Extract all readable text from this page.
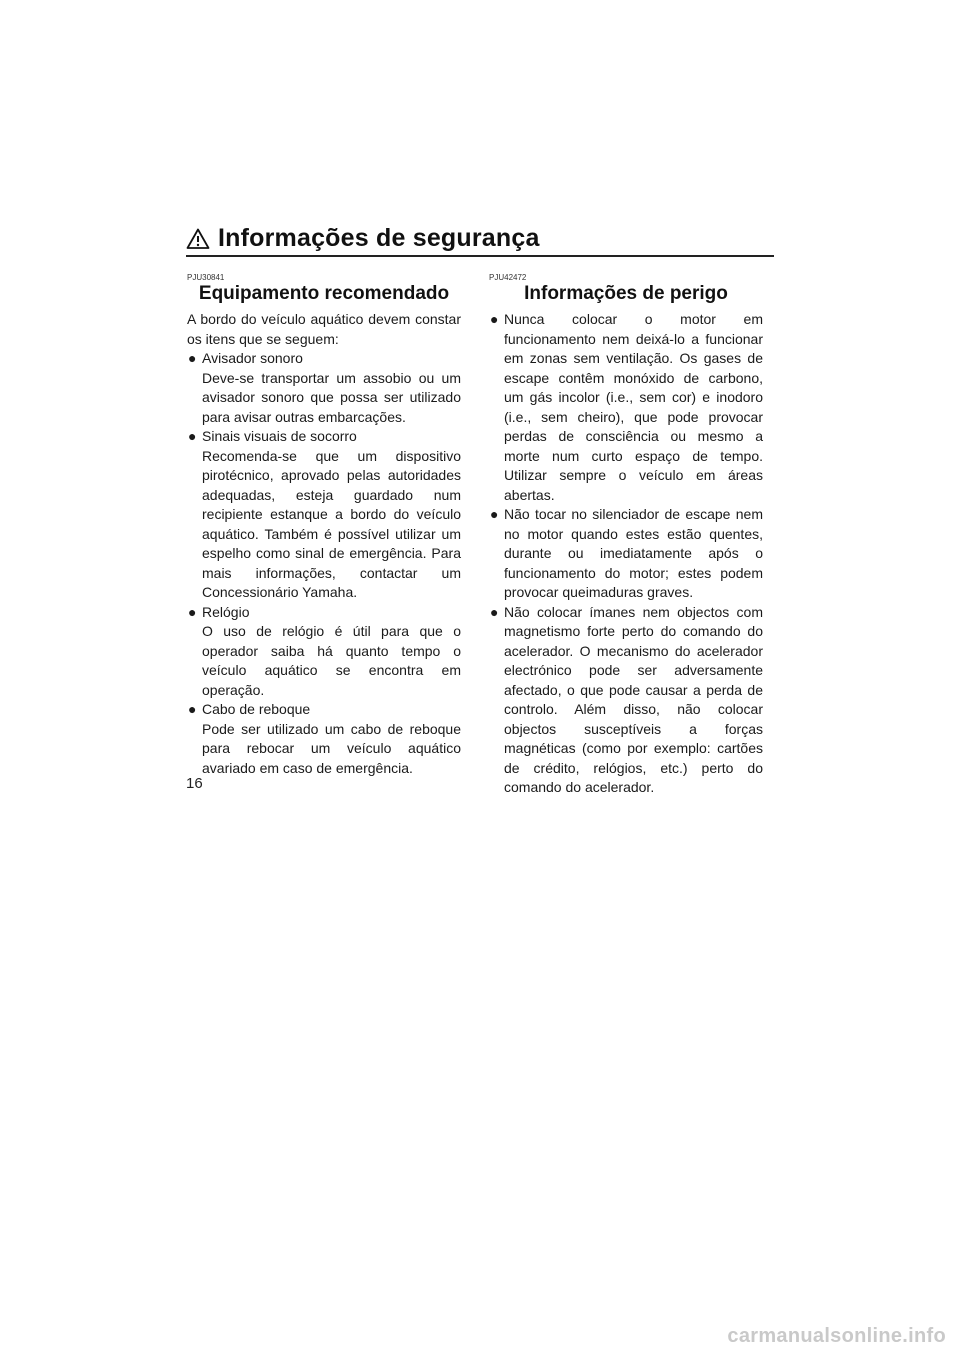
Informações de segurança
PJU30841
Equipamento recomendado

A bordo do veículo aquático devem constar os itens que se seguem:

● Avisador sonoro
Deve-se transportar um assobio ou um avisador sonoro que possa ser utilizado para avisar outras embarcações.
● Sinais visuais de socorro
Recomenda-se que um dispositivo pirotécnico, aprovado pelas autoridades adequadas, esteja guardado num recipiente estanque a bordo do veículo aquático. Também é possível utilizar um espelho como sinal de emergência. Para mais informações, contactar um Concessionário Yamaha.
● Relógio
O uso de relógio é útil para que o operador saiba há quanto tempo o veículo aquático se encontra em operação.
● Cabo de reboque
Pode ser utilizado um cabo de reboque para rebocar um veículo aquático avariado em caso de emergência.
PJU42472
Informações de perigo
● Nunca colocar o motor em funcionamento nem deixá-lo a funcionar em zonas sem ventilação. Os gases de escape contêm monóxido de carbono, um gás incolor (i.e., sem cor) e inodoro (i.e., sem cheiro), que pode provocar perdas de consciência ou mesmo a morte num curto espaço de tempo. Utilizar sempre o veículo em áreas abertas.
● Não tocar no silenciador de escape nem no motor quando estes estão quentes, durante ou imediatamente após o funcionamento do motor; estes podem provocar queimaduras graves.
● Não colocar ímanes nem objectos com magnetismo forte perto do comando do acelerador. O mecanismo do acelerador electrónico pode ser adversamente afectado, o que pode causar a perda de controlo. Além disso, não colocar objectos susceptíveis a forças magnéticas (como por exemplo: cartões de crédito, relógios, etc.) perto do comando do acelerador.
16
carmanualsonline.info
